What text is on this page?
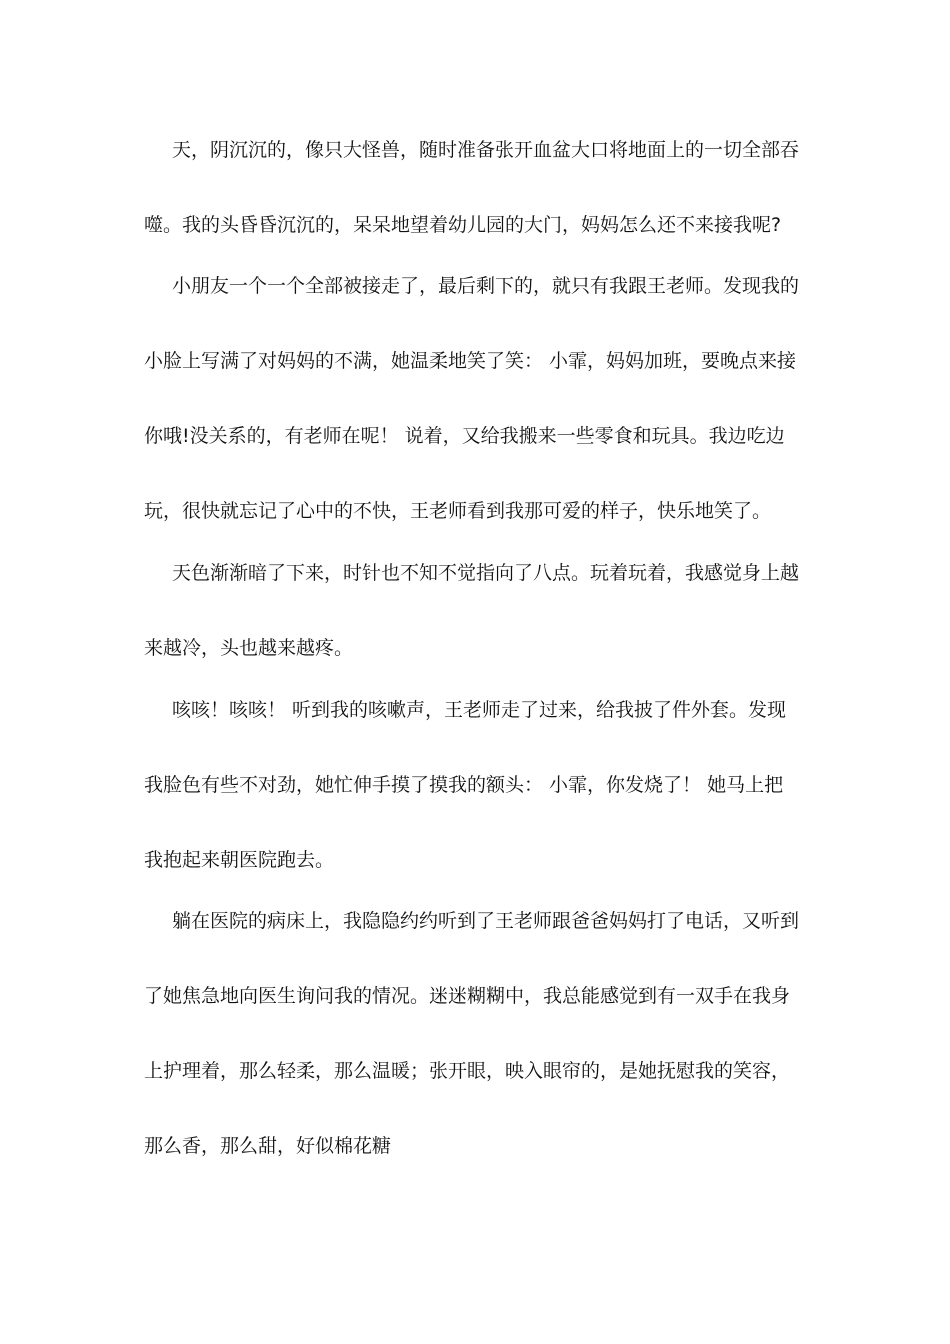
天，阴沉沉的，像只大怪兽，随时准备张开血盆大口将地面上的一切全部吞
噬。我的头昏昏沉沉的，呆呆地望着幼儿园的大门，妈妈怎么还不来接我呢?
小朋友一个一个全部被接走了，最后剩下的，就只有我跟王老师。发现我的
小脸上写满了对妈妈的不满，她温柔地笑了笑： 小霏，妈妈加班，要晚点来接
你哦!没关系的，有老师在呢！ 说着，又给我搬来一些零食和玩具。我边吃边
玩，很快就忘记了心中的不快，王老师看到我那可爱的样子，快乐地笑了。
天色渐渐暗了下来，时针也不知不觉指向了八点。玩着玩着，我感觉身上越
来越冷，头也越来越疼。
咳咳！咳咳！ 听到我的咳嗽声，王老师走了过来，给我披了件外套。发现
我脸色有些不对劲，她忙伸手摸了摸我的额头： 小霏，你发烧了！ 她马上把
我抱起来朝医院跑去。
躺在医院的病床上，我隐隐约约听到了王老师跟爸爸妈妈打了电话，又听到
了她焦急地向医生询问我的情况。迷迷糊糊中，我总能感觉到有一双手在我身
上护理着，那么轻柔，那么温暖；张开眼，映入眼帘的，是她抚慰我的笑容，
那么香，那么甜，好似棉花糖
